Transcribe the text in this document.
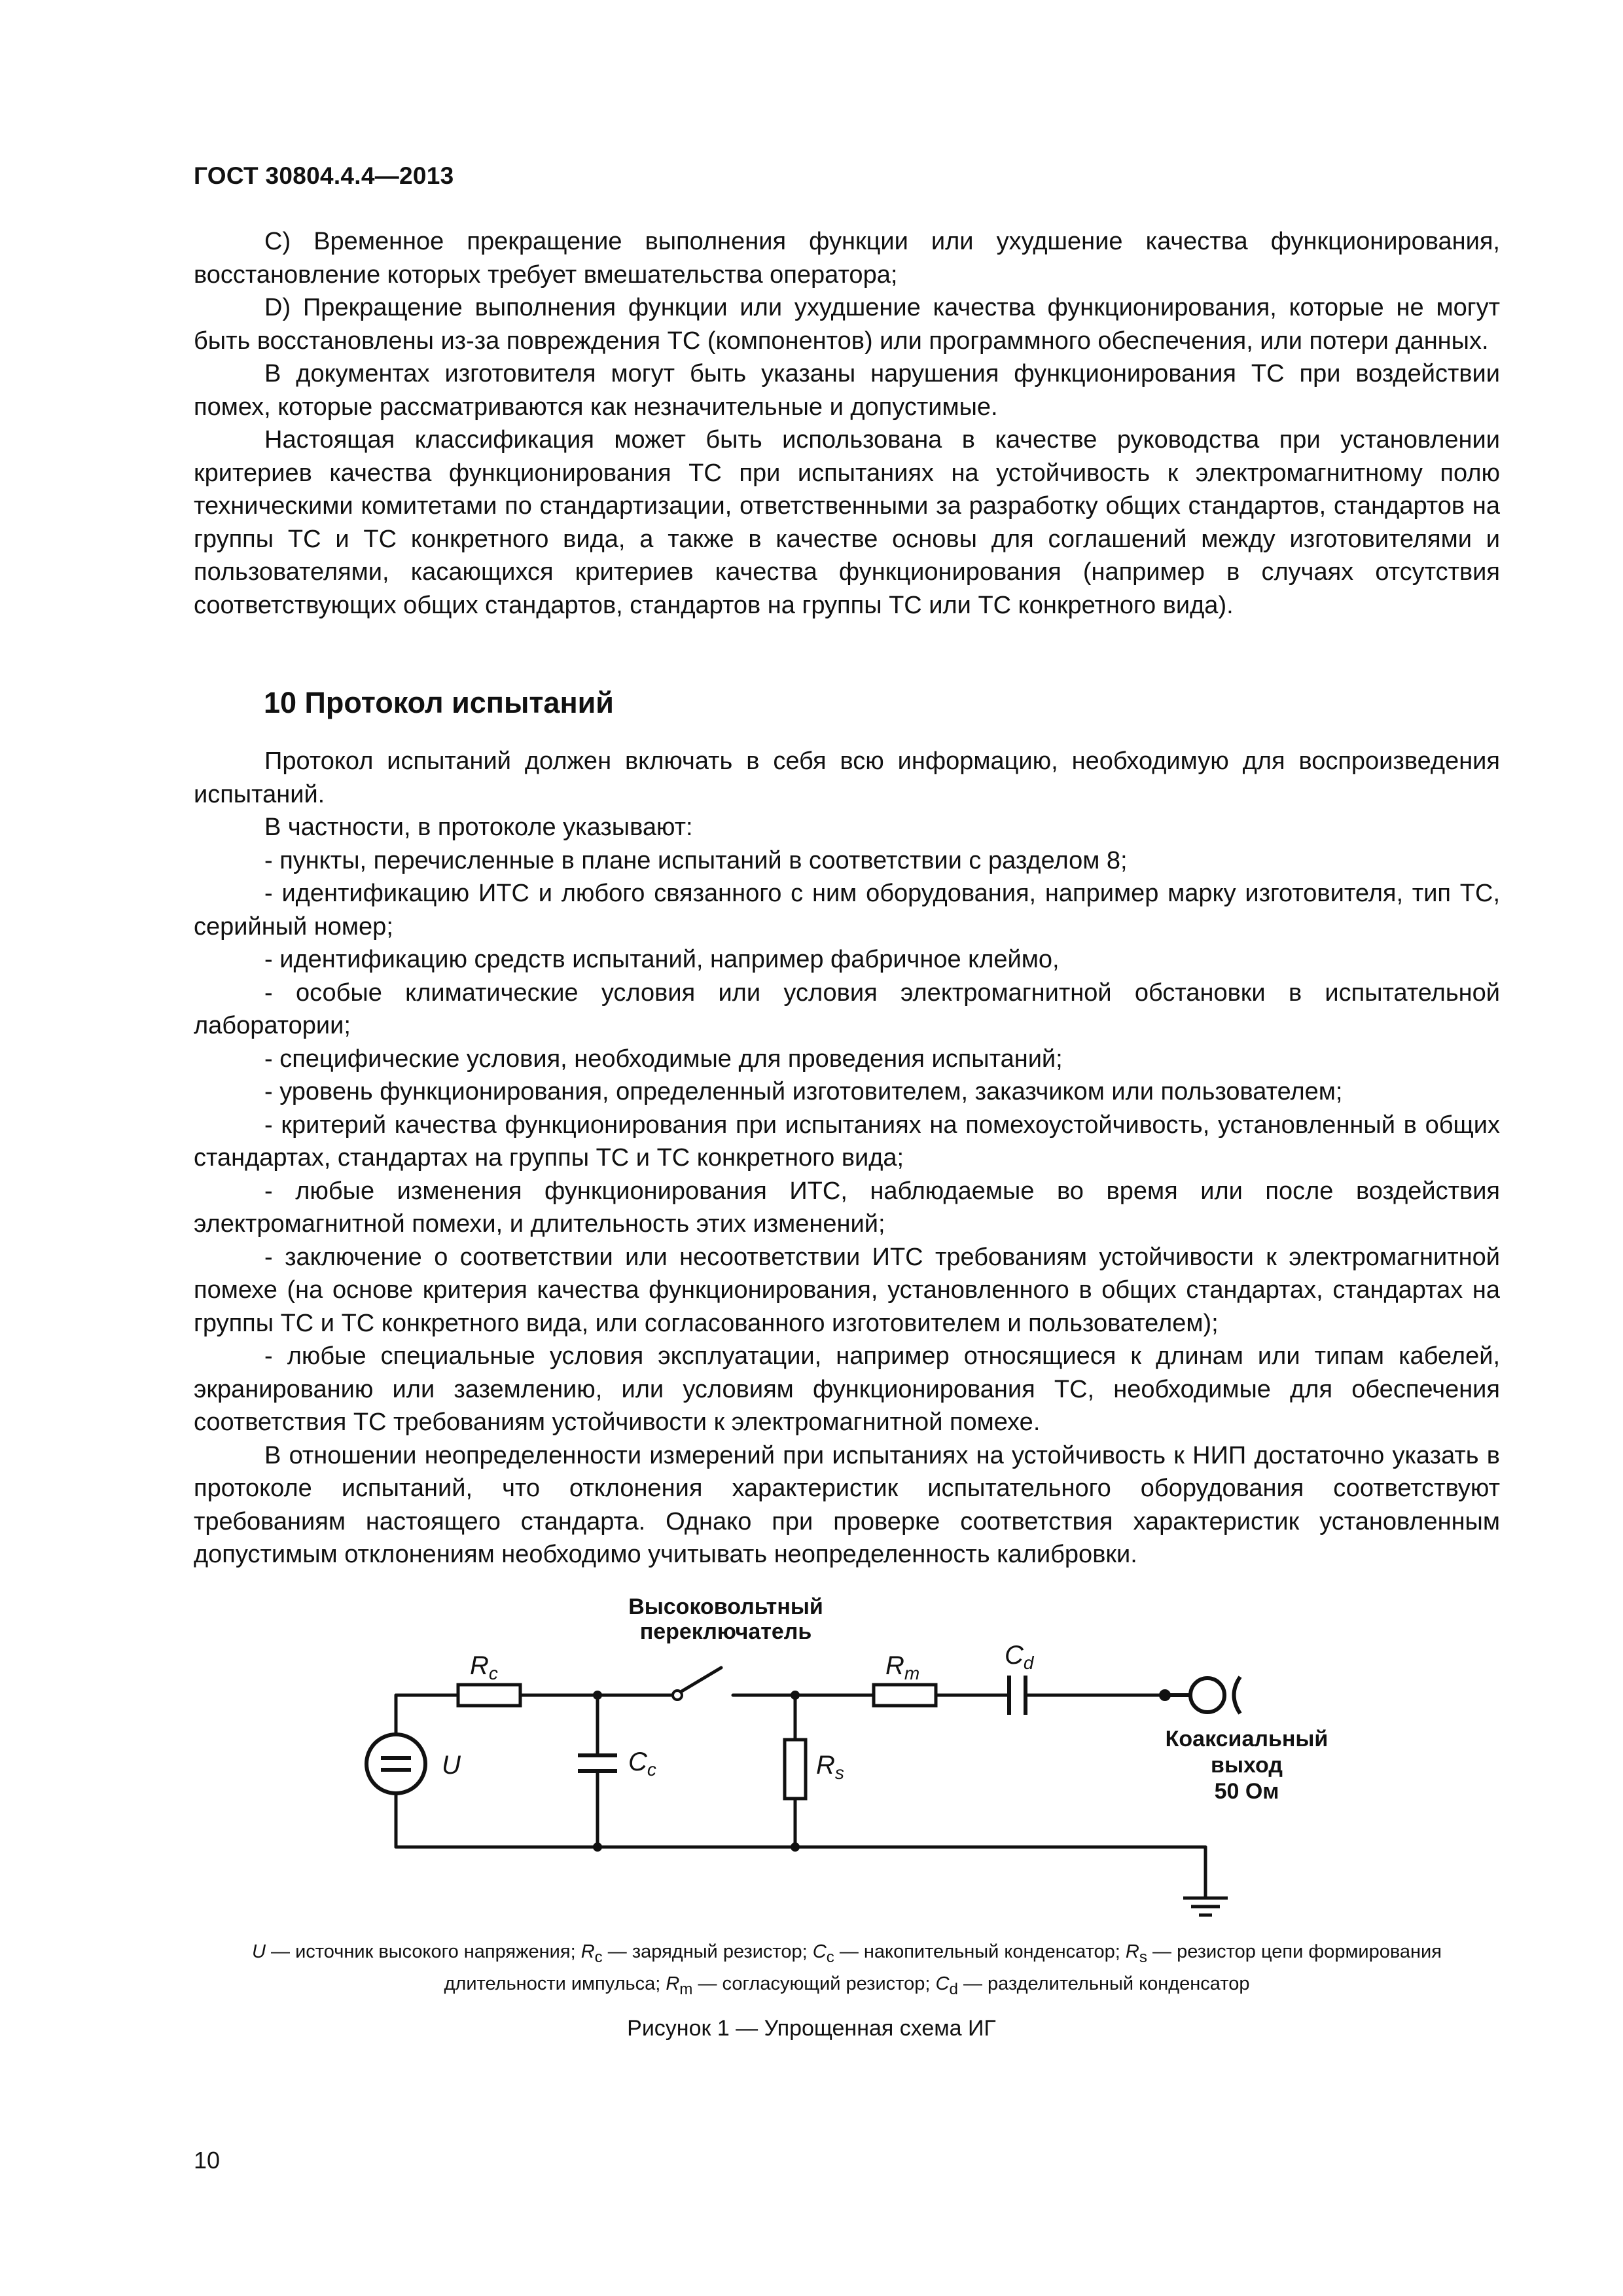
ГОСТ 30804.4.4—2013

С) Временное прекращение выполнения функции или ухудшение качества функционирования, восстановление которых требует вмешательства оператора;

D) Прекращение выполнения функции или ухудшение качества функционирования, которые не могут быть восстановлены из-за повреждения ТС (компонентов) или программного обеспечения, или потери данных.

В документах изготовителя могут быть указаны нарушения функционирования ТС при воздействии помех, которые рассматриваются как незначительные и допустимые.

Настоящая классификация может быть использована в качестве руководства при установлении критериев качества функционирования ТС при испытаниях на устойчивость к электромагнитному полю техническими комитетами по стандартизации, ответственными за разработку общих стандартов, стандартов на группы ТС и ТС конкретного вида, а также в качестве основы для соглашений между изготовителями и пользователями, касающихся критериев качества функционирования (например в случаях отсутствия соответствующих общих стандартов, стандартов на группы ТС или ТС конкретного вида).

10 Протокол испытаний

Протокол испытаний должен включать в себя всю информацию, необходимую для воспроизведения испытаний.

В частности, в протоколе указывают:

- пункты, перечисленные в плане испытаний в соответствии с разделом 8;

- идентификацию ИТС и любого связанного с ним оборудования, например марку изготовителя, тип ТС, серийный номер;

- идентификацию средств испытаний, например фабричное клеймо,

- особые климатические условия или условия электромагнитной обстановки в испытательной лаборатории;

- специфические условия, необходимые для проведения испытаний;

- уровень функционирования, определенный изготовителем, заказчиком или пользователем;

- критерий качества функционирования при испытаниях на помехоустойчивость, установленный в общих стандартах, стандартах на группы ТС и ТС конкретного вида;

- любые изменения функционирования ИТС, наблюдаемые во время или после воздействия электромагнитной помехи, и длительность этих изменений;

- заключение о соответствии или несоответствии ИТС требованиям устойчивости к электромагнитной помехе (на основе критерия качества функционирования, установленного в общих стандартах, стандартах на группы ТС и ТС конкретного вида, или согласованного изготовителем и пользователем);

- любые специальные условия эксплуатации, например относящиеся к длинам или типам кабелей, экранированию или заземлению, или условиям функционирования ТС, необходимые для обеспечения соответствия ТС требованиям устойчивости к электромагнитной помехе.

В отношении неопределенности измерений при испытаниях на устойчивость к НИП достаточно указать в протоколе испытаний, что отклонения характеристик испытательного оборудования соответствуют требованиям настоящего стандарта. Однако при проверке соответствия характеристик установленным допустимым отклонениям необходимо учитывать неопределенность калибровки.

Высоковольтный
переключатель
$R_c$	$R_m$
$C_d$
$C_c$	$R_s$
U
Коаксиальный
выход
50 Ом
U — источник высокого напряжения; $R_c$ — зарядный резистор; $C_c$ — накопительный конденсатор; $R_s$ — резистор цепи формирования длительности импульса; $R_m$ — согласующий резистор; $C_d$ — разделительный конденсатор
Рисунок 1 — Упрощенная схема ИГ
10
